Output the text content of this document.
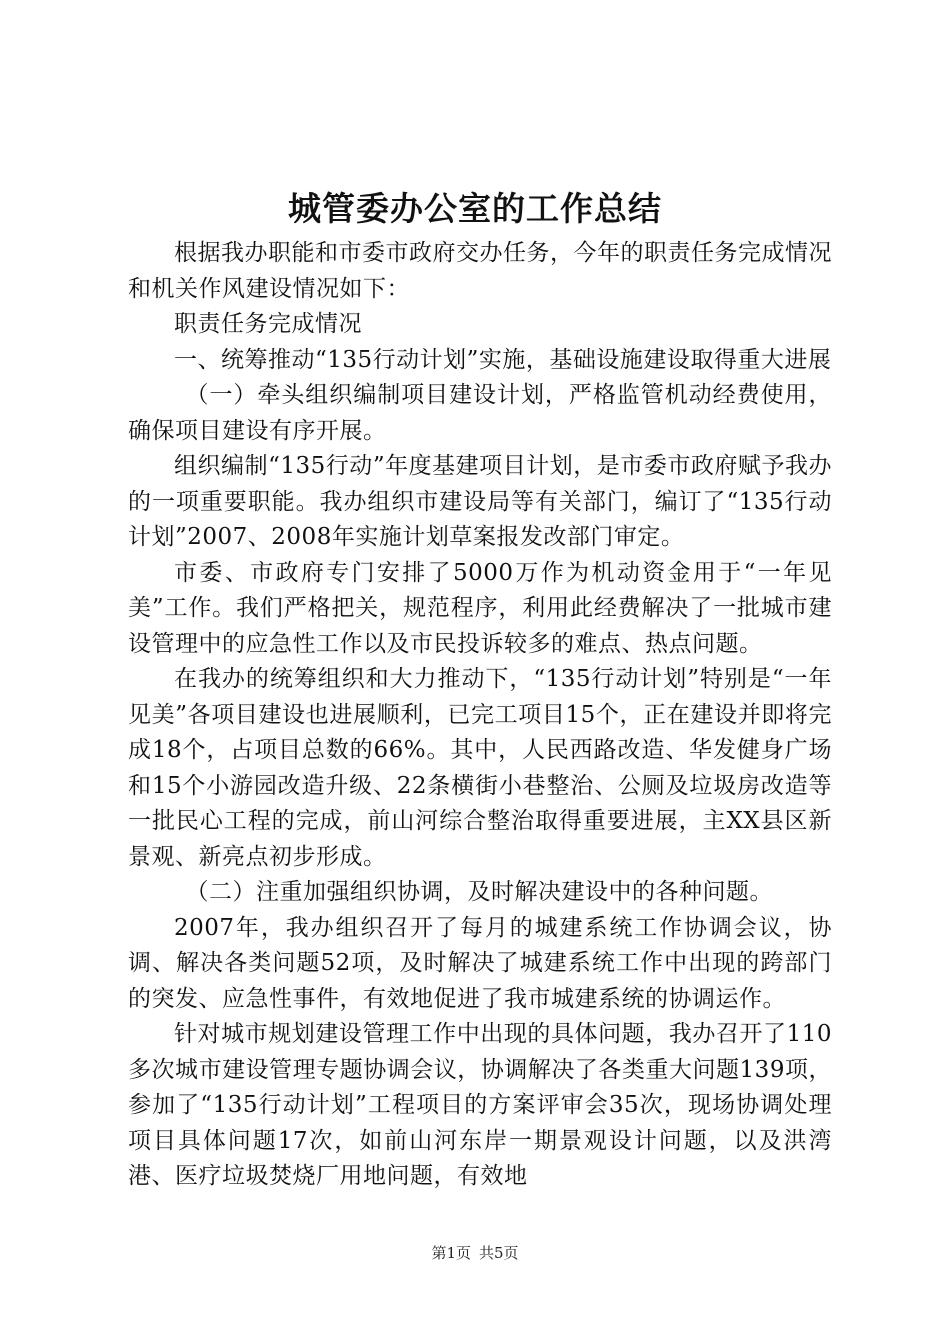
城管委办公室的工作总结

根据我办职能和市委市政府交办任务，今年的职责任务完成情况和机关作风建设情况如下：

职责任务完成情况

一、统筹推动“135行动计划”实施，基础设施建设取得重大进展

（一）牵头组织编制项目建设计划，严格监管机动经费使用，确保项目建设有序开展。

组织编制“135行动”年度基建项目计划，是市委市政府赋予我办的一项重要职能。我办组织市建设局等有关部门，编订了“135行动计划”2007、2008年实施计划草案报发改部门审定。

市委、市政府专门安排了5000万作为机动资金用于“一年见美”工作。我们严格把关，规范程序，利用此经费解决了一批城市建设管理中的应急性工作以及市民投诉较多的难点、热点问题。

在我办的统筹组织和大力推动下，“135行动计划”特别是“一年见美”各项目建设也进展顺利，已完工项目15个，正在建设并即将完成18个，占项目总数的66%。其中，人民西路改造、华发健身广场和15个小游园改造升级、22条横街小巷整治、公厕及垃圾房改造等一批民心工程的完成，前山河综合整治取得重要进展，主XX县区新景观、新亮点初步形成。

（二）注重加强组织协调，及时解决建设中的各种问题。

2007年，我办组织召开了每月的城建系统工作协调会议，协调、解决各类问题52项，及时解决了城建系统工作中出现的跨部门的突发、应急性事件，有效地促进了我市城建系统的协调运作。

针对城市规划建设管理工作中出现的具体问题，我办召开了110多次城市建设管理专题协调会议，协调解决了各类重大问题139项，参加了“135行动计划”工程项目的方案评审会35次，现场协调处理项目具体问题17次，如前山河东岸一期景观设计问题，以及洪湾港、医疗垃圾焚烧厂用地问题，有效地

第1页 共5页
